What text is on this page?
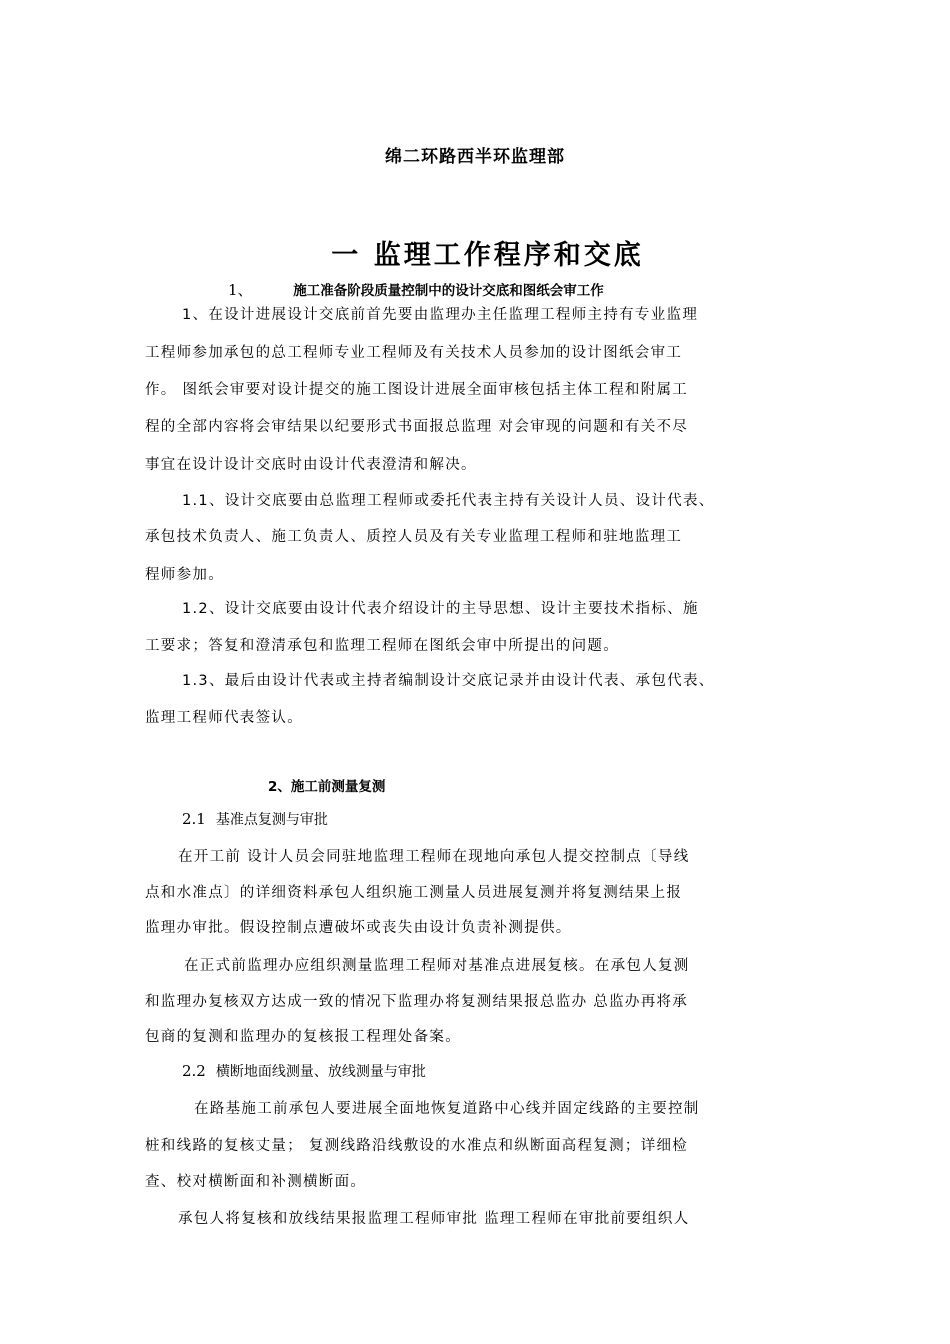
绵二环路西半环监理部
一 监理工作程序和交底
1、	施工准备阶段质量控制中的设计交底和图纸会审工作
1、在设计进展设计交底前首先要由监理办主任监理工程师主持有专业监理
工程师参加承包的总工程师专业工程师及有关技术人员参加的设计图纸会审工
作。 图纸会审要对设计提交的施工图设计进展全面审核包括主体工程和附属工
程的全部内容将会审结果以纪要形式书面报总监理 对会审现的问题和有关不尽
事宜在设计设计交底时由设计代表澄清和解决。
1.1、设计交底要由总监理工程师或委托代表主持有关设计人员、设计代表、
承包技术负责人、施工负责人、质控人员及有关专业监理工程师和驻地监理工
程师参加。
1.2、设计交底要由设计代表介绍设计的主导思想、设计主要技术指标、施
工要求；答复和澄清承包和监理工程师在图纸会审中所提出的问题。
1.3、最后由设计代表或主持者编制设计交底记录并由设计代表、承包代表、
监理工程师代表签认。
2、施工前测量复测
2.1 基准点复测与审批
在开工前 设计人员会同驻地监理工程师在现地向承包人提交控制点〔导线
点和水准点〕的详细资料承包人组织施工测量人员进展复测并将复测结果上报
监理办审批。假设控制点遭破坏或丧失由设计负责补测提供。
在正式前监理办应组织测量监理工程师对基准点进展复核。在承包人复测
和监理办复核双方达成一致的情况下监理办将复测结果报总监办 总监办再将承
包商的复测和监理办的复核报工程理处备案。
2.2 横断地面线测量、放线测量与审批
在路基施工前承包人要进展全面地恢复道路中心线并固定线路的主要控制
桩和线路的复核丈量； 复测线路沿线敷设的水准点和纵断面高程复测；详细检
查、校对横断面和补测横断面。
承包人将复核和放线结果报监理工程师审批 监理工程师在审批前要组织人
